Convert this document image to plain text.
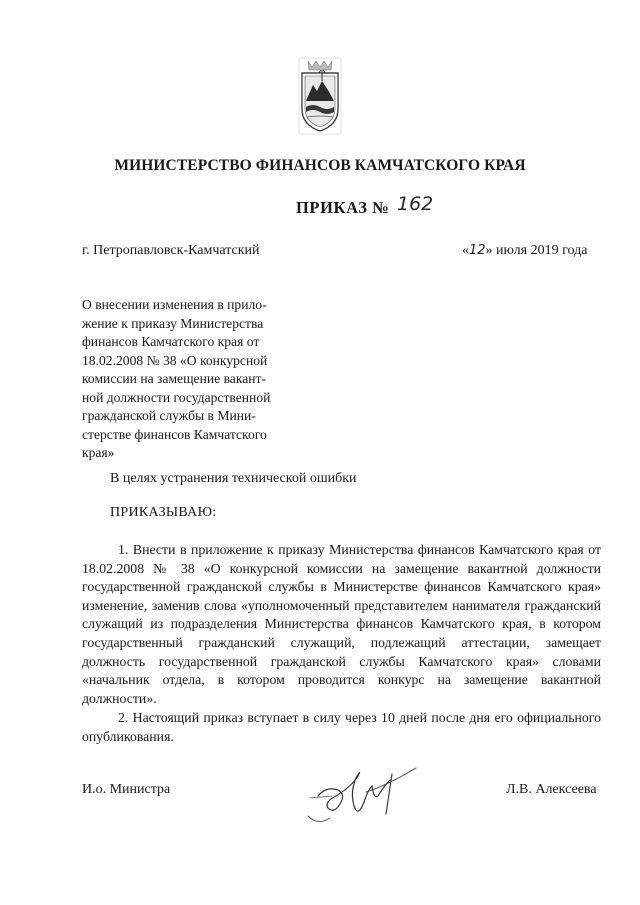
МИНИСТЕРСТВО ФИНАНСОВ КАМЧАТСКОГО КРАЯ
ПРИКАЗ № 162
г. Петропавловск-Камчатский	«12» июля 2019 года

О внесении изменения в прило-

жение к приказу Министерства

финансов Камчатского края от

18.02.2008 № 38 «О конкурсной

комиссии на замещение вакант-

ной должности государственной

гражданской службы в Мини-

стерстве финансов Камчатского

края»

В целях устранения технической ошибки
ПРИКАЗЫВАЮ:

1. Внести в приложение к приказу Министерства финансов Камчатского края от 18.02.2008 № 38 «О конкурсной комиссии на замещение вакантной должности государственной гражданской службы в Министерстве финансов Камчатского края» изменение, заменив слова «уполномоченный представителем нанимателя гражданский служащий из подразделения Министерства финансов Камчатского края, в котором государственный гражданский служащий, подлежащий аттестации, замещает должность государственной гражданской службы Камчатского края» словами «начальник отдела, в котором проводится конкурс на замещение вакантной должности».

2. Настоящий приказ вступает в силу через 10 дней после дня его официального опубликования.

И.о. Министра	Л.В. Алексеева
